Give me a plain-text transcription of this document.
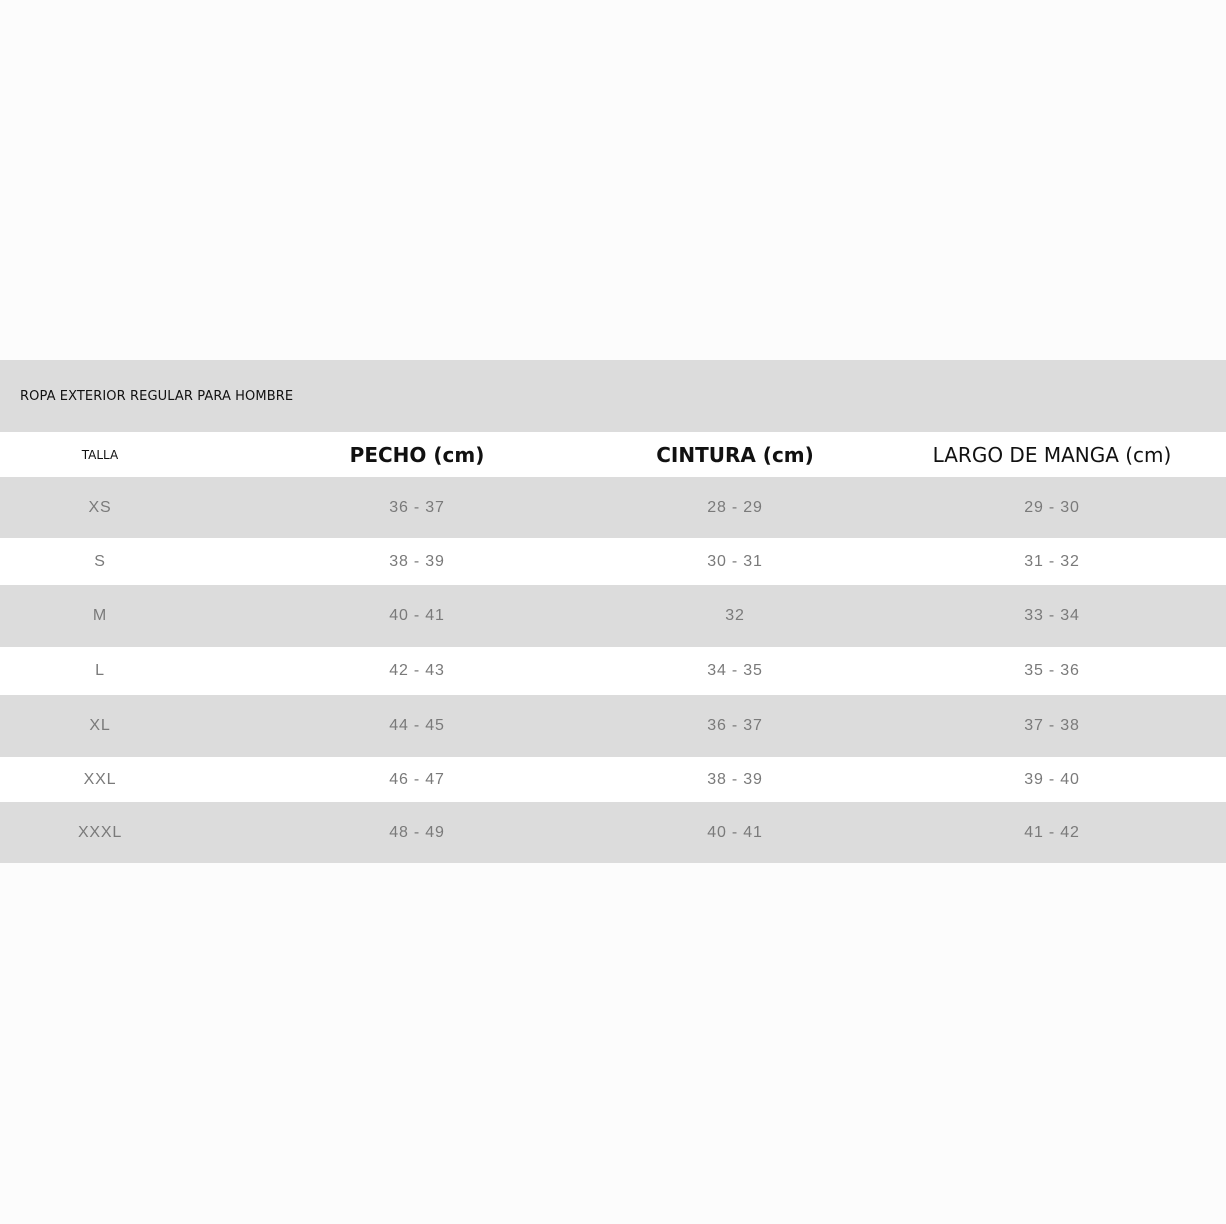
ROPA EXTERIOR REGULAR PARA HOMBRE
TALLA	PECHO (cm)	CINTURA (cm)	LARGO DE MANGA (cm)
XS	36 - 37	28 - 29	29 - 30
S	38 - 39	30 - 31	31 - 32
M	40 - 41	32	33 - 34
L	42 - 43	34 - 35	35 - 36
XL	44 - 45	36 - 37	37 - 38
XXL	46 - 47	38 - 39	39 - 40
XXXL	48 - 49	40 - 41	41 - 42
